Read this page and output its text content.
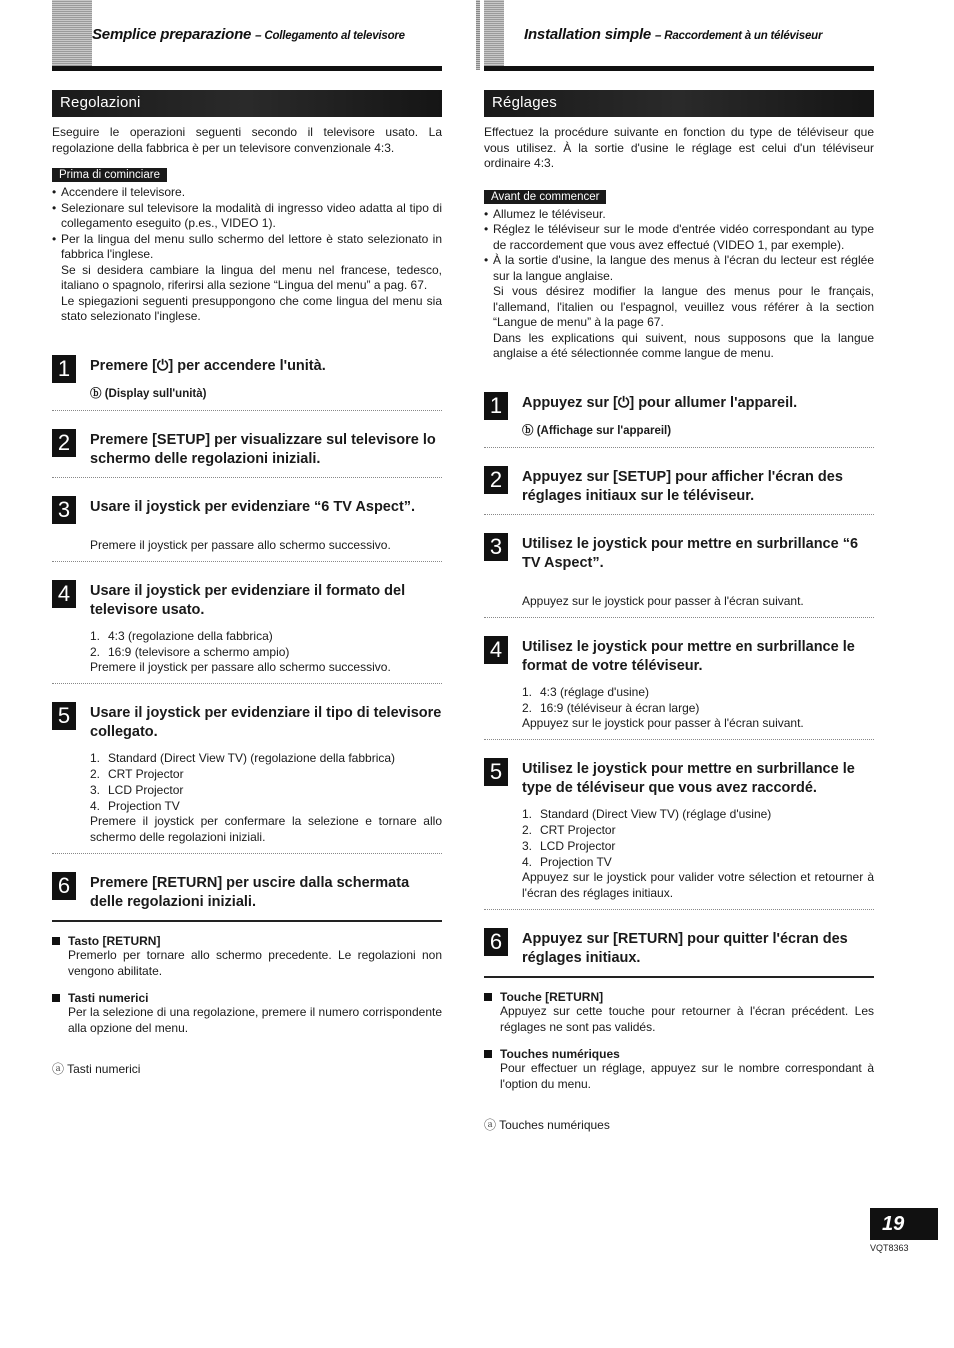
Semplice preparazione – Collegamento al televisore
Regolazioni

Eseguire le operazioni seguenti secondo il televisore usato. La regolazione della fabbrica è per un televisore convenzionale 4:3.

Prima di cominciare
• Accendere il televisore.
• Selezionare sul televisore la modalità di ingresso video adatta al tipo di collegamento eseguito (p.es., VIDEO 1).
• Per la lingua del menu sullo schermo del lettore è stato selezionato in fabbrica l'inglese.
Se si desidera cambiare la lingua del menu nel francese, tedesco, italiano o spagnolo, riferirsi alla sezione “Lingua del menu” a pag. 67.
Le spiegazioni seguenti presuppongono che come lingua del menu sia stato selezionato l'inglese.
1	Premere [⏻] per accendere l'unità.
ⓑ (Display sull'unità)
2	Premere [SETUP] per visualizzare sul televisore lo schermo delle regolazioni iniziali.
3	Usare il joystick per evidenziare “6 TV Aspect”.
Premere il joystick per passare allo schermo successivo.
4	Usare il joystick per evidenziare il formato del televisore usato.
1. 4:3 (regolazione della fabbrica)
2. 16:9 (televisore a schermo ampio)
Premere il joystick per passare allo schermo successivo.
5	Usare il joystick per evidenziare il tipo di televisore collegato.
1. Standard (Direct View TV) (regolazione della fabbrica)
2. CRT Projector
3. LCD Projector
4. Projection TV
Premere il joystick per confermare la selezione e tornare allo schermo delle regolazioni iniziali.
6	Premere [RETURN] per uscire dalla schermata delle regolazioni iniziali.
Tasto [RETURN]
Premerlo per tornare allo schermo precedente. Le regolazioni non vengono abilitate.
Tasti numerici
Per la selezione di una regolazione, premere il numero corrispondente alla opzione del menu.
ⓐ Tasti numerici
Installation simple – Raccordement à un téléviseur
Réglages

Effectuez la procédure suivante en fonction du type de téléviseur que vous utilisez. À la sortie d'usine le réglage est celui d'un téléviseur ordinaire 4:3.

Avant de commencer
• Allumez le téléviseur.
• Réglez le téléviseur sur le mode d'entrée vidéo correspondant au type de raccordement que vous avez effectué (VIDEO 1, par exemple).
• À la sortie d'usine, la langue des menus à l'écran du lecteur est réglée sur la langue anglaise.
Si vous désirez modifier la langue des menus pour le français, l'allemand, l'italien ou l'espagnol, veuillez vous référer à la section “Langue de menu” à la page 67.
Dans les explications qui suivent, nous supposons que la langue anglaise a été sélectionnée comme langue de menu.
1	Appuyez sur [⏻] pour allumer l'appareil.
ⓑ (Affichage sur l'appareil)
2	Appuyez sur [SETUP] pour afficher l'écran des réglages initiaux sur le téléviseur.
3	Utilisez le joystick pour mettre en surbrillance “6 TV Aspect”.
Appuyez sur le joystick pour passer à l'écran suivant.
4	Utilisez le joystick pour mettre en surbrillance le format de votre téléviseur.
1. 4:3 (réglage d'usine)
2. 16:9 (téléviseur à écran large)
Appuyez sur le joystick pour passer à l'écran suivant.
5	Utilisez le joystick pour mettre en surbrillance le type de téléviseur que vous avez raccordé.
1. Standard (Direct View TV) (réglage d'usine)
2. CRT Projector
3. LCD Projector
4. Projection TV
Appuyez sur le joystick pour valider votre sélection et retourner à l'écran des réglages initiaux.
6	Appuyez sur [RETURN] pour quitter l'écran des réglages initiaux.
Touche [RETURN]
Appuyez sur cette touche pour retourner à l'écran précédent. Les réglages ne sont pas validés.
Touches numériques
Pour effectuer un réglage, appuyez sur le nombre correspondant à l'option du menu.
ⓐ Touches numériques
19
VQT8363
